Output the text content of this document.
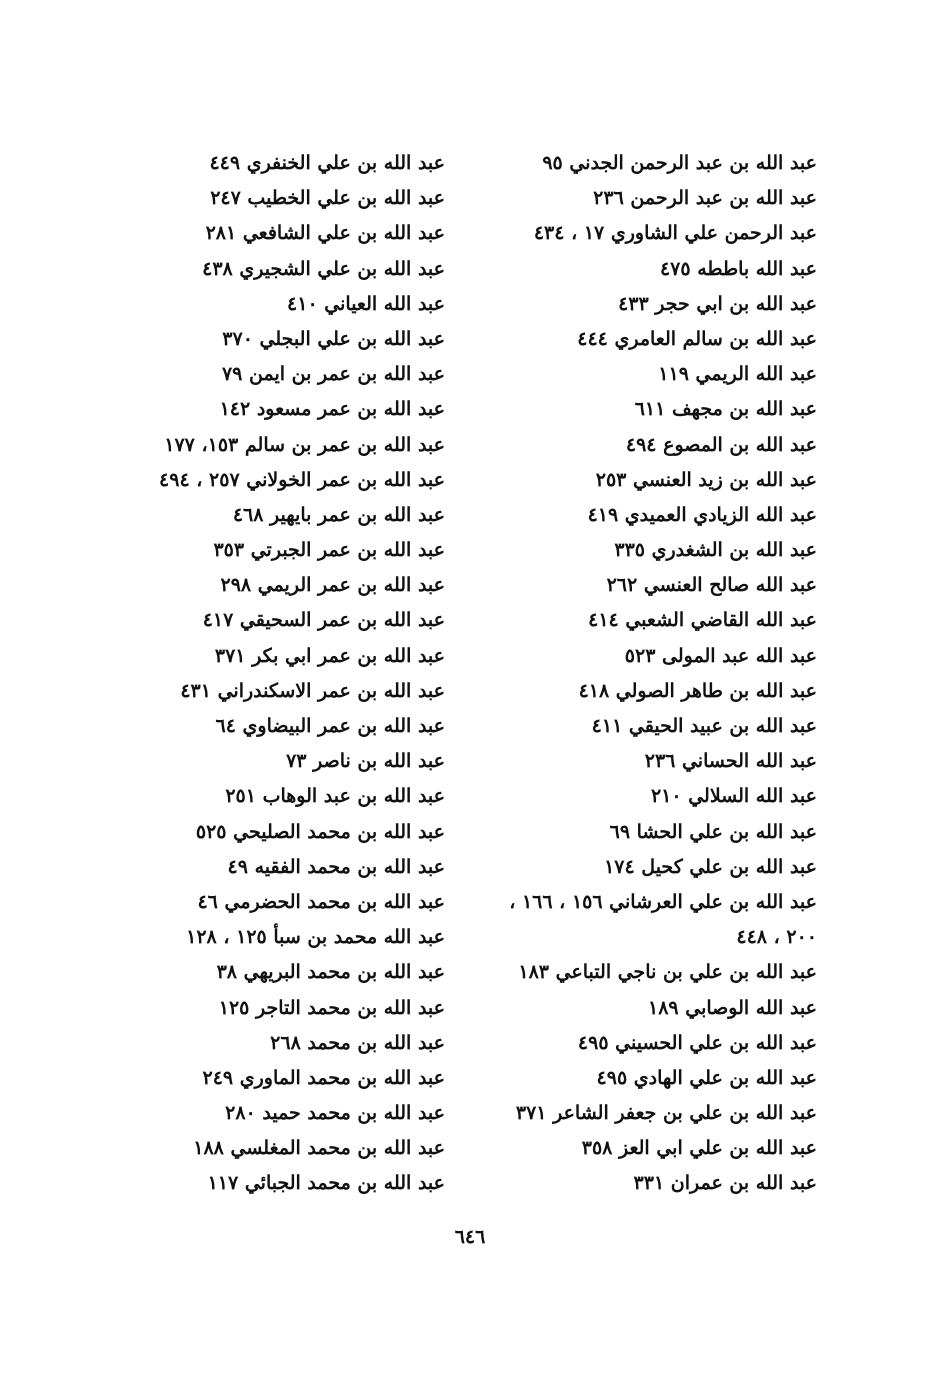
عبد الله بن عبد الرحمن الجدني ٩٥
عبد الله بن عبد الرحمن ٢٣٦
عبد الرحمن علي الشاوري ١٧ ، ٤٣٤
عبد الله باططه ٤٧٥
عبد الله بن ابي حجر ٤٣٣
عبد الله بن سالم العامري ٤٤٤
عبد الله الريمي ١١٩
عبد الله بن مجهف ٦١١
عبد الله بن المصوع ٤٩٤
عبد الله بن زيد العنسي ٢٥٣
عبد الله الزيادي العميدي ٤١٩
عبد الله بن الشغدري ٣٣٥
عبد الله صالح العنسي ٢٦٢
عبد الله القاضي الشعبي ٤١٤
عبد الله عبد المولى ٥٢٣
عبد الله بن طاهر الصولي ٤١٨
عبد الله بن عبيد الحيقي ٤١١
عبد الله الحساني ٢٣٦
عبد الله السلالي ٢١٠
عبد الله بن علي الحشا ٦٩
عبد الله بن علي كحيل ١٧٤
عبد الله بن علي العرشاني ١٥٦ ، ١٦٦ ،
٢٠٠ ، ٤٤٨
عبد الله بن علي بن ناجي التباعي ١٨٣
عبد الله الوصابي ١٨٩
عبد الله بن علي الحسيني ٤٩٥
عبد الله بن علي الهادي ٤٩٥
عبد الله بن علي بن جعفر الشاعر ٣٧١
عبد الله بن علي ابي العز ٣٥٨
عبد الله بن عمران ٣٣١
عبد الله بن علي الخنفري ٤٤٩
عبد الله بن علي الخطيب ٢٤٧
عبد الله بن علي الشافعي ٢٨١
عبد الله بن علي الشجيري ٤٣٨
عبد الله العياني ٤١٠
عبد الله بن علي البجلي ٣٧٠
عبد الله بن عمر بن ايمن ٧٩
عبد الله بن عمر مسعود ١٤٢
عبد الله بن عمر بن سالم ١٥٣، ١٧٧
عبد الله بن عمر الخولاني ٢٥٧ ، ٤٩٤
عبد الله بن عمر بايهير ٤٦٨
عبد الله بن عمر الجبرتي ٣٥٣
عبد الله بن عمر الريمي ٢٩٨
عبد الله بن عمر السحيقي ٤١٧
عبد الله بن عمر ابي بكر ٣٧١
عبد الله بن عمر الاسكندراني ٤٣١
عبد الله بن عمر البيضاوي ٦٤
عبد الله بن ناصر ٧٣
عبد الله بن عبد الوهاب ٢٥١
عبد الله بن محمد الصليحي ٥٢٥
عبد الله بن محمد الفقيه ٤٩
عبد الله بن محمد الحضرمي ٤٦
عبد الله محمد بن سبأ ١٢٥ ، ١٢٨
عبد الله بن محمد البريهي ٣٨
عبد الله بن محمد التاجر ١٢٥
عبد الله بن محمد ٢٦٨
عبد الله بن محمد الماوري ٢٤٩
عبد الله بن محمد حميد ٢٨٠
عبد الله بن محمد المغلسي ١٨٨
عبد الله بن محمد الجبائي ١١٧
٦٤٦
